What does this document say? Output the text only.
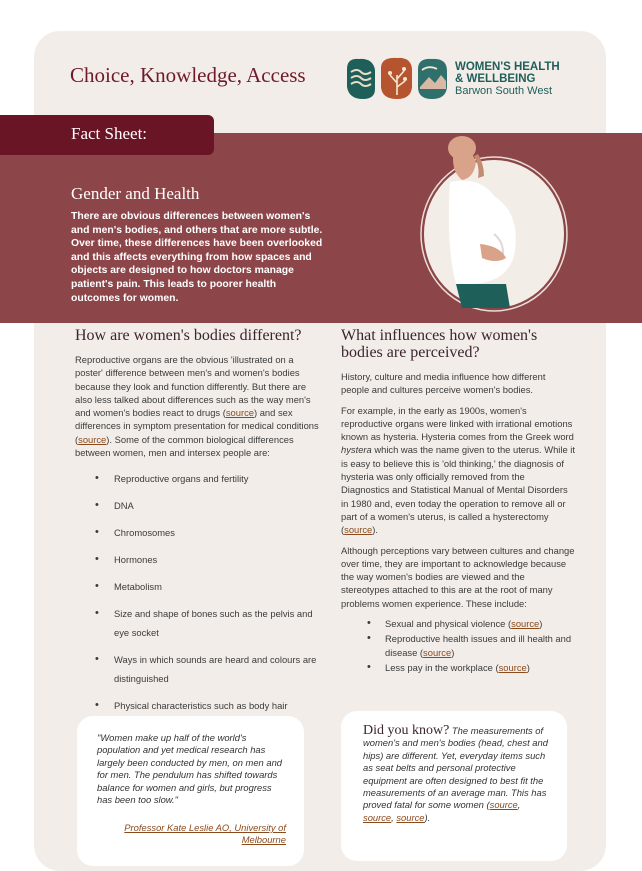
Choice, Knowledge, Access	WOMEN'S HEALTH
& WELLBEING
Barwon South West
Fact Sheet:
Gender and Health
There are obvious differences between women's and men's bodies, and others that are more subtle. Over time, these differences have been overlooked and this affects everything from how spaces and objects are designed to how doctors manage patient's pain. This leads to poorer health outcomes for women.
How are women's bodies different?

Reproductive organs are the obvious 'illustrated on a poster' difference between men's and women's bodies because they look and function differently. But there are also less talked about differences such as the way men's and women's bodies react to drugs (source) and sex differences in symptom presentation for medical conditions (source). Some of the common biological differences between women, men and intersex people are:

• Reproductive organs and fertility
• DNA
• Chromosomes
• Hormones
• Metabolism
• Size and shape of bones such as the pelvis and eye socket
• Ways in which sounds are heard and colours are distinguished
• Physical characteristics such as body hair
What influences how women's bodies are perceived?

History, culture and media influence how different people and cultures perceive women's bodies.

For example, in the early as 1900s, women's reproductive organs were linked with irrational emotions known as hysteria. Hysteria comes from the Greek word hystera which was the name given to the uterus. While it is easy to believe this is 'old thinking,' the diagnosis of hysteria was only officially removed from the Diagnostics and Statistical Manual of Mental Disorders in 1980 and, even today the operation to remove all or part of a women's uterus, is called a hysterectomy (source).

Although perceptions vary between cultures and change over time, they are important to acknowledge because the way women's bodies are viewed and the stereotypes attached to this are at the root of many problems women experience. These include:

• Sexual and physical violence (source)
• Reproductive health issues and ill health and disease (source)
• Less pay in the workplace (source)
"Women make up half of the world's population and yet medical research has largely been conducted by men, on men and for men. The pendulum has shifted towards balance for women and girls, but progress has been too slow."
Professor Kate Leslie AO, University of Melbourne
Did you know? The measurements of women's and men's bodies (head, chest and hips) are different. Yet, everyday items such as seat belts and personal protective equipment are often designed to best fit the measurements of an average man. This has proved fatal for some women (source, source, source).
